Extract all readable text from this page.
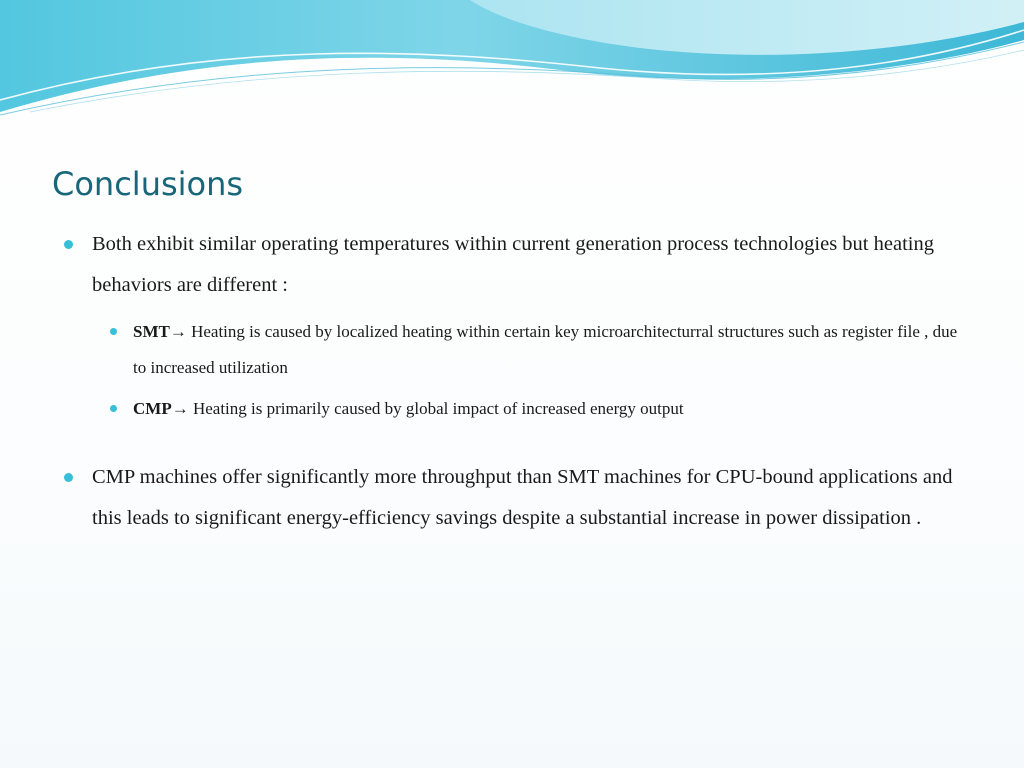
Conclusions
Both exhibit similar operating temperatures within current generation process technologies but heating behaviors are different :
SMT→ Heating is caused by localized heating within certain key microarchitecturral structures such as register file , due to increased utilization
CMP→ Heating is primarily caused by global impact of increased energy output
CMP machines offer significantly more throughput than SMT machines for CPU-bound applications and this leads to significant energy-efficiency savings despite a substantial increase in power dissipation .
